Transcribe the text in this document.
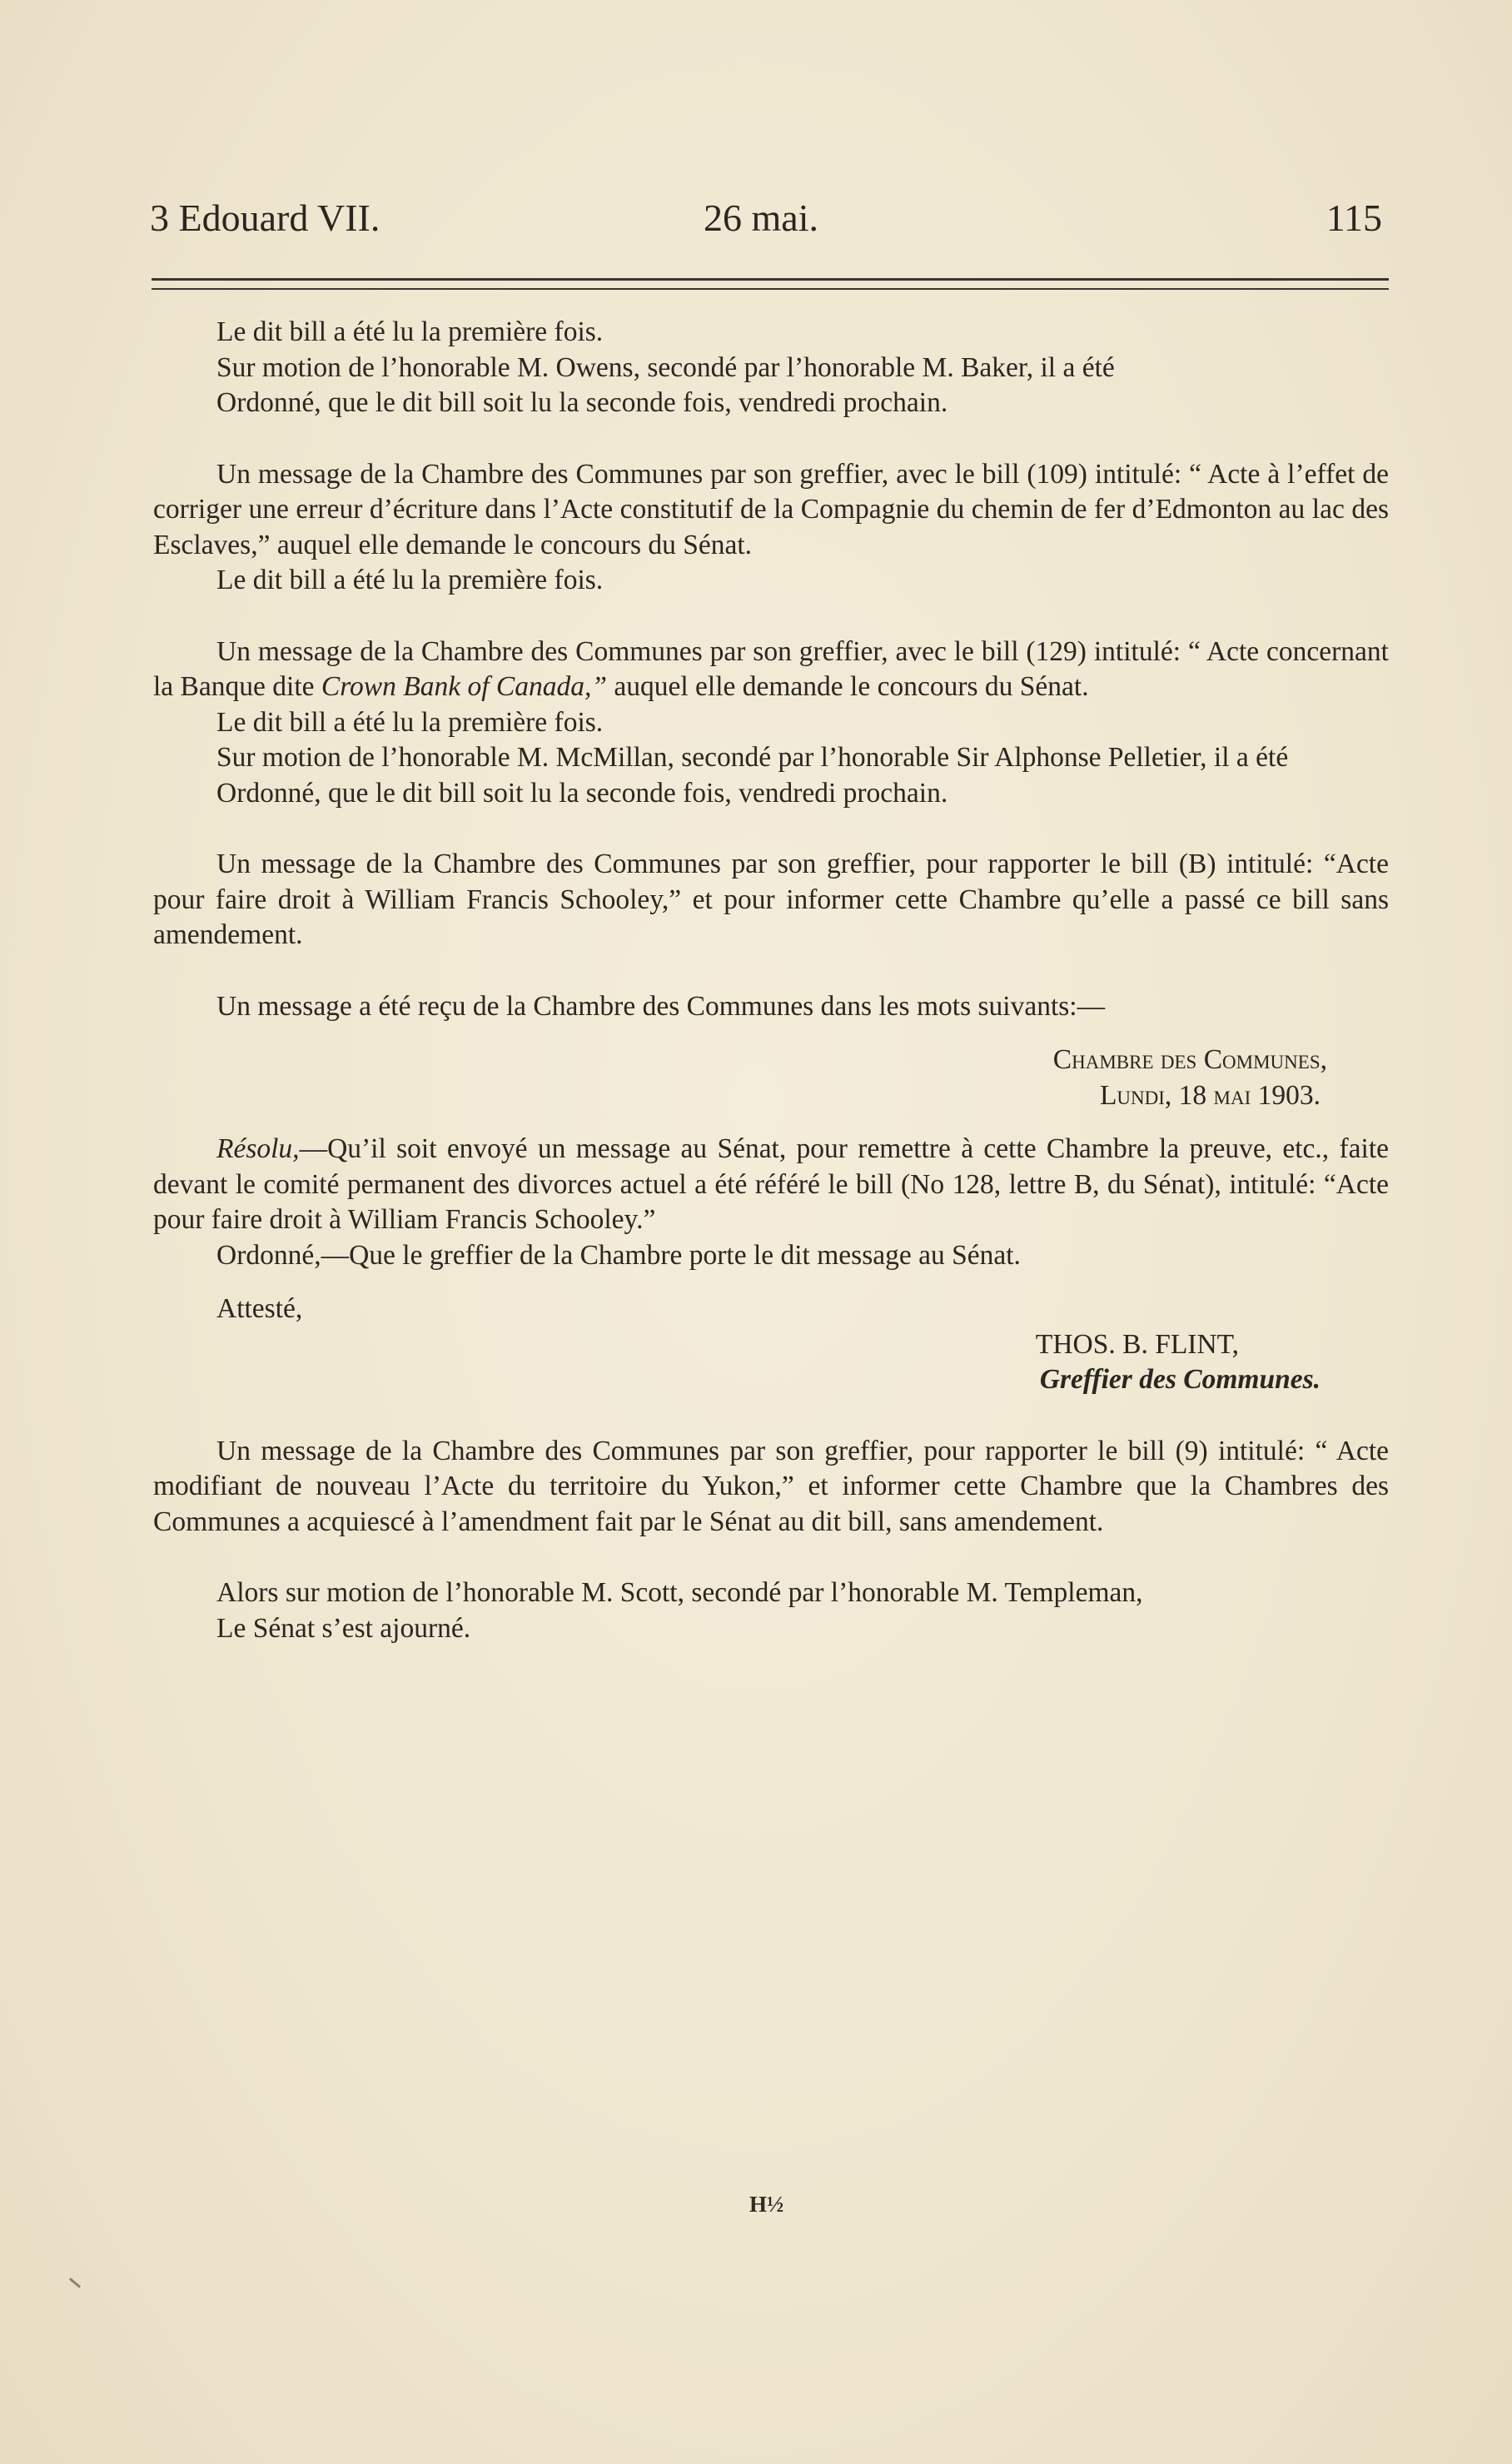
3 Edouard VII.	26 mai.	115

Le dit bill a été lu la première fois.

Sur motion de l’honorable M. Owens, secondé par l’honorable M. Baker, il a été

Ordonné, que le dit bill soit lu la seconde fois, vendredi prochain.

Un message de la Chambre des Communes par son greffier, avec le bill (109) intitulé: “ Acte à l’effet de corriger une erreur d’écriture dans l’Acte constitutif de la Compagnie du chemin de fer d’Edmonton au lac des Esclaves,” auquel elle demande le concours du Sénat.

Le dit bill a été lu la première fois.

Un message de la Chambre des Communes par son greffier, avec le bill (129) intitulé: “ Acte concernant la Banque dite Crown Bank of Canada,” auquel elle demande le concours du Sénat.

Le dit bill a été lu la première fois.

Sur motion de l’honorable M. McMillan, secondé par l’honorable Sir Alphonse Pelletier, il a été

Ordonné, que le dit bill soit lu la seconde fois, vendredi prochain.

Un message de la Chambre des Communes par son greffier, pour rapporter le bill (B) intitulé: “Acte pour faire droit à William Francis Schooley,” et pour informer cette Chambre qu’elle a passé ce bill sans amendement.

Un message a été reçu de la Chambre des Communes dans les mots suivants:—

Chambre des Communes,

Lundi, 18 mai 1903.

Résolu,—Qu’il soit envoyé un message au Sénat, pour remettre à cette Chambre la preuve, etc., faite devant le comité permanent des divorces actuel a été référé le bill (No 128, lettre B, du Sénat), intitulé: “Acte pour faire droit à William Francis Schooley.”

Ordonné,—Que le greffier de la Chambre porte le dit message au Sénat.

Attesté,

THOS. B. FLINT,

Greffier des Communes.

Un message de la Chambre des Communes par son greffier, pour rapporter le bill (9) intitulé: “ Acte modifiant de nouveau l’Acte du territoire du Yukon,” et informer cette Chambre que la Chambres des Communes a acquiescé à l’amendment fait par le Sénat au dit bill, sans amendement.

Alors sur motion de l’honorable M. Scott, secondé par l’honorable M. Templeman,

Le Sénat s’est ajourné.

H½
